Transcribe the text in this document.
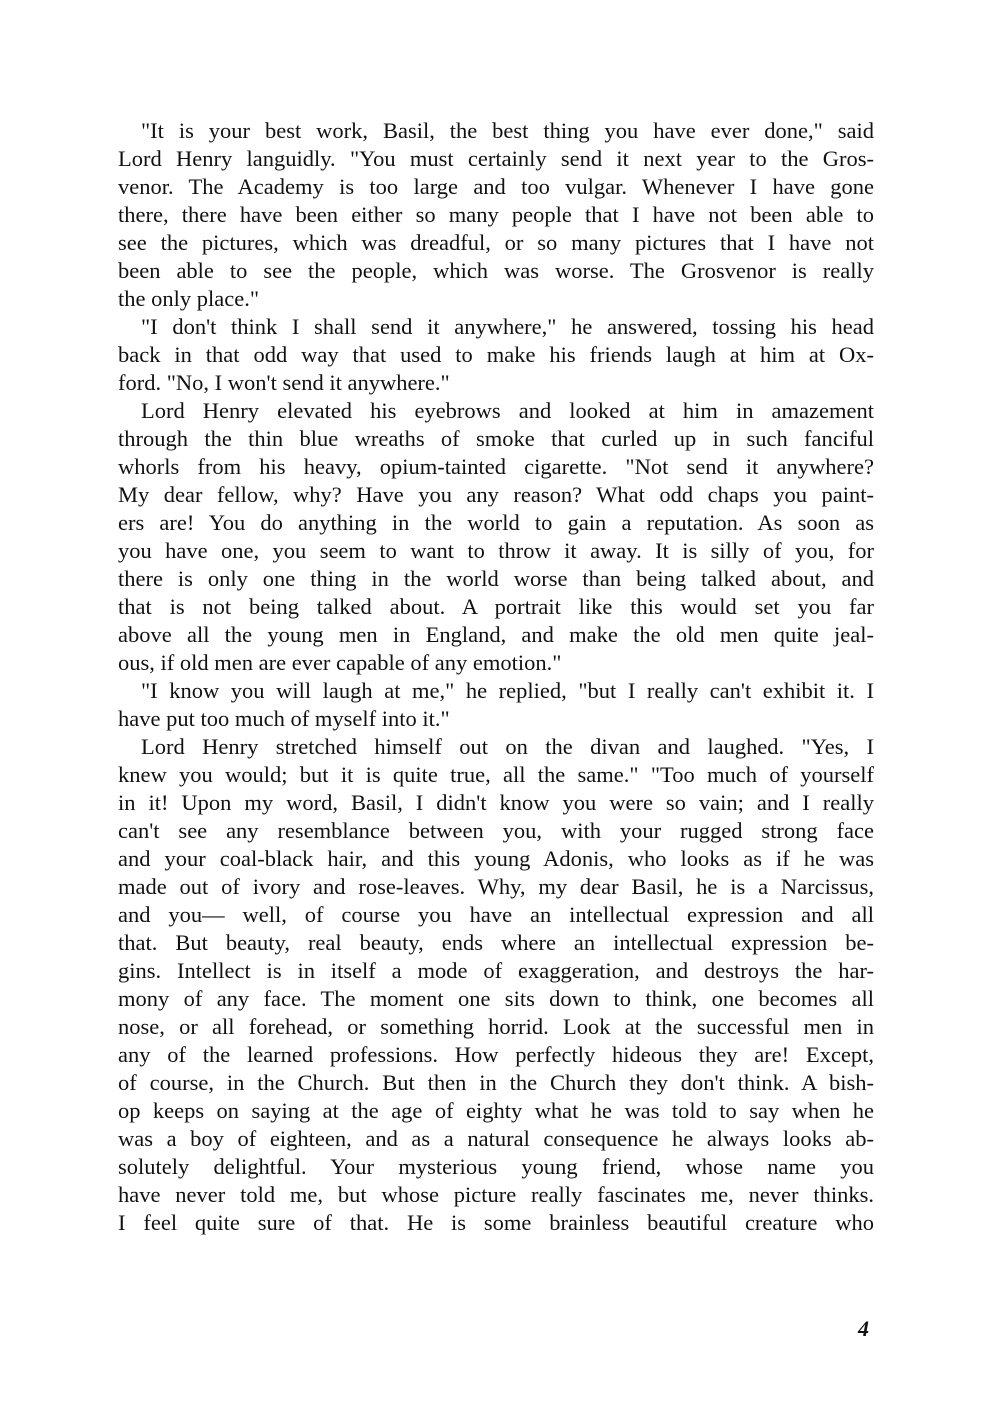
"It is your best work, Basil, the best thing you have ever done," said
Lord Henry languidly. "You must certainly send it next year to the Gros-
venor. The Academy is too large and too vulgar. Whenever I have gone
there, there have been either so many people that I have not been able to
see the pictures, which was dreadful, or so many pictures that I have not
been able to see the people, which was worse. The Grosvenor is really
the only place."
"I don't think I shall send it anywhere," he answered, tossing his head
back in that odd way that used to make his friends laugh at him at Ox-
ford. "No, I won't send it anywhere."
Lord Henry elevated his eyebrows and looked at him in amazement
through the thin blue wreaths of smoke that curled up in such fanciful
whorls from his heavy, opium-tainted cigarette. "Not send it anywhere?
My dear fellow, why? Have you any reason? What odd chaps you paint-
ers are! You do anything in the world to gain a reputation. As soon as
you have one, you seem to want to throw it away. It is silly of you, for
there is only one thing in the world worse than being talked about, and
that is not being talked about. A portrait like this would set you far
above all the young men in England, and make the old men quite jeal-
ous, if old men are ever capable of any emotion."
"I know you will laugh at me," he replied, "but I really can't exhibit it. I
have put too much of myself into it."
Lord Henry stretched himself out on the divan and laughed. "Yes, I
knew you would; but it is quite true, all the same." "Too much of yourself
in it! Upon my word, Basil, I didn't know you were so vain; and I really
can't see any resemblance between you, with your rugged strong face
and your coal-black hair, and this young Adonis, who looks as if he was
made out of ivory and rose-leaves. Why, my dear Basil, he is a Narcissus,
and you— well, of course you have an intellectual expression and all
that. But beauty, real beauty, ends where an intellectual expression be-
gins. Intellect is in itself a mode of exaggeration, and destroys the har-
mony of any face. The moment one sits down to think, one becomes all
nose, or all forehead, or something horrid. Look at the successful men in
any of the learned professions. How perfectly hideous they are! Except,
of course, in the Church. But then in the Church they don't think. A bish-
op keeps on saying at the age of eighty what he was told to say when he
was a boy of eighteen, and as a natural consequence he always looks ab-
solutely delightful. Your mysterious young friend, whose name you
have never told me, but whose picture really fascinates me, never thinks.
I feel quite sure of that. He is some brainless beautiful creature who
4
